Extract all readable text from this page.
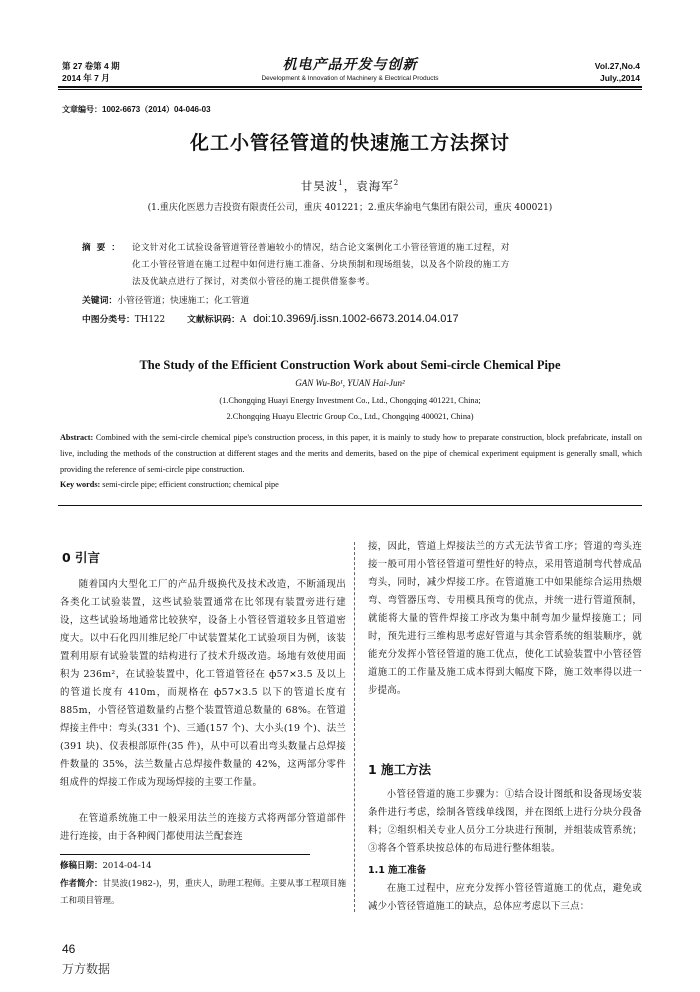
第 27 卷第 4 期
2014 年 7 月
机电产品开发与创新
Development & Innovation of Machinery & Electrical Products
Vol.27,No.4
July.,2014
文章编号：1002-6673（2014）04-046-03
化工小管径管道的快速施工方法探讨
甘昊波$^1$，袁海军$^2$
(1.重庆化医恩力吉投资有限责任公司，重庆 401221；2.重庆华渝电气集团有限公司，重庆 400021)
摘要： 论文针对化工试验设备管道管径普遍较小的情况，结合论文案例化工小管径管道的施工过程，对
化工小管径管道在施工过程中如何进行施工准备、分块预制和现场组装，以及各个阶段的施工方
法及优缺点进行了探讨，对类似小管径的施工提供借鉴参考。
关键词：小管径管道；快速施工；化工管道
中图分类号：TH122	文献标识码：A doi:10.3969/j.issn.1002-6673.2014.04.017
The Study of the Efficient Construction Work about Semi-circle Chemical Pipe
GAN Wu-Bo¹, YUAN Hai-Jun²
(1.Chongqing Huayi Energy Investment Co., Ltd., Chongqing 401221, China;
2.Chongqing Huayu Electric Group Co., Ltd., Chongqing 400021, China)
Abstract: Combined with the semi-circle chemical pipe's construction process, in this paper, it is mainly to study how to preparate construction, block prefabricate, install on live, including the methods of the construction at different stages and the merits and demerits, based on the pipe of chemical experiment equipment is generally small, which providing the reference of semi-circle pipe construction.
Key words: semi-circle pipe; efficient construction; chemical pipe
0 引言
随着国内大型化工厂的产品升级换代及技术改造，不断涌现出各类化工试验装置，这些试验装置通常在比邻现有装置旁进行建设，这些试验场地通常比较狭窄，设备上小管径管道较多且管道密度大。以中石化四川维尼纶厂中试装置某化工试验项目为例，该装置利用原有试验装置的结构进行了技术升级改造。场地有效使用面积为 236m²，在试验装置中，化工管道管径在 ф57×3.5 及以上的管道长度有 410m，而规格在 ф57×3.5 以下的管道长度有 885m，小管径管道数量约占整个装置管道总数量的 68%。在管道焊接主件中：弯头(331 个)、三通(157 个)、大小头(19 个)、法兰(391 块)、仪表根部原件(35 件)，从中可以看出弯头数量占总焊接件数量的 35%，法兰数量占总焊接件数量的 42%，这两部分零件组成件的焊接工作成为现场焊接的主要工作量。
在管道系统施工中一般采用法兰的连接方式将两部分管道部件进行连接，由于各种阀门都使用法兰配套连
接，因此，管道上焊接法兰的方式无法节省工序；管道的弯头连接一般可用小管径管道可塑性好的特点，采用管道制弯代替成品弯头，同时，减少焊接工序。在管道施工中如果能综合运用热煨弯、弯管器压弯、专用模具预弯的优点，并统一进行管道预制，就能将大量的管件焊接工序改为集中制弯加少量焊接施工；同时，预先进行三维构思考虑好管道与其余管系统的组装顺序，就能充分发挥小管径管道的施工优点，使化工试验装置中小管径管道施工的工作量及施工成本得到大幅度下降，施工效率得以进一步提高。
1 施工方法
小管径管道的施工步骤为：①结合设计图纸和设备现场安装条件进行考虑，绘制各管线单线图，并在图纸上进行分块分段备料；②组织相关专业人员分工分块进行预制，并组装成管系统；③将各个管系块按总体的布局进行整体组装。
1.1 施工准备
在施工过程中，应充分发挥小管径管道施工的优点，避免或减少小管径管道施工的缺点，总体应考虑以下三点：
修稿日期：2014-04-14
作者简介：甘昊波(1982-)，男，重庆人，助理工程师。主要从事工程项目施工和项目管理。
46
万方数据
